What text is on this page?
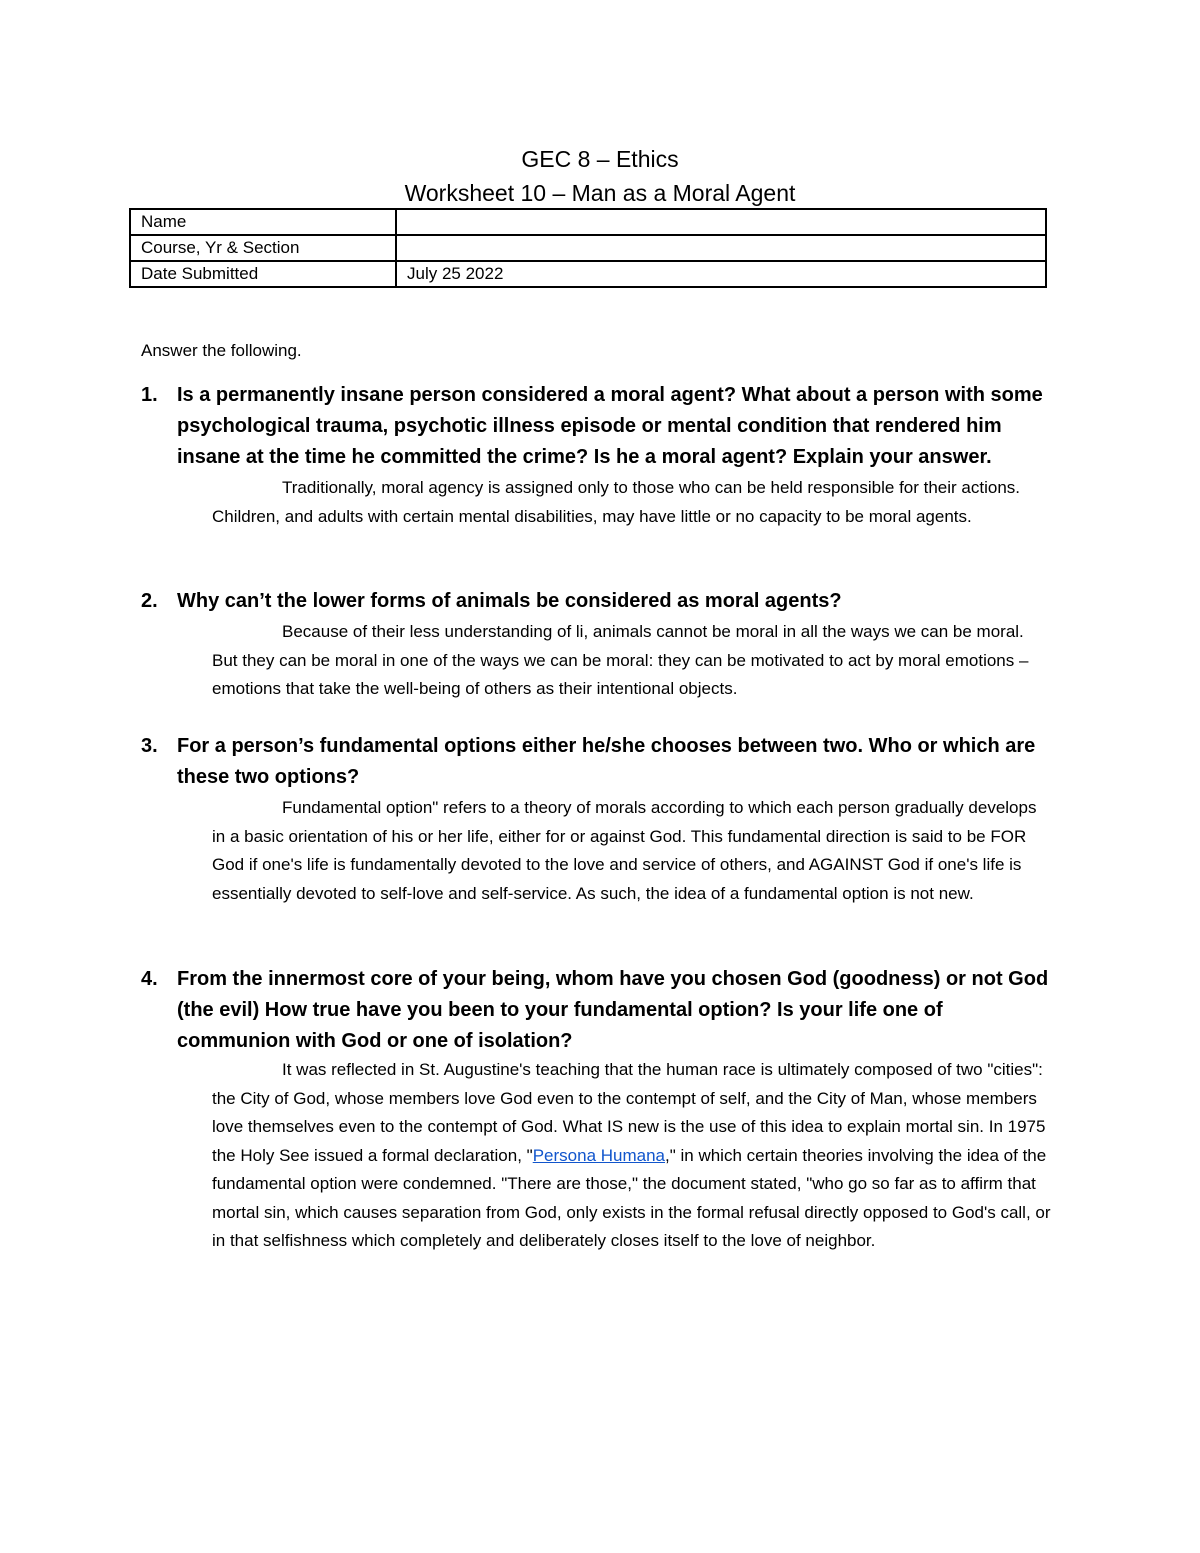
GEC 8 – Ethics
Worksheet 10 – Man as a Moral Agent
Name	
Course, Yr & Section	
Date Submitted	July 25 2022
Answer the following.
1. Is a permanently insane person considered a moral agent? What about a person with some psychological trauma, psychotic illness episode or mental condition that rendered him insane at the time he committed the crime? Is he a moral agent? Explain your answer.
Traditionally, moral agency is assigned only to those who can be held responsible for their actions. Children, and adults with certain mental disabilities, may have little or no capacity to be moral agents.
2. Why can’t the lower forms of animals be considered as moral agents?
Because of their less understanding of li, animals cannot be moral in all the ways we can be moral. But they can be moral in one of the ways we can be moral: they can be motivated to act by moral emotions – emotions that take the well-being of others as their intentional objects.
3. For a person’s fundamental options either he/she chooses between two. Who or which are these two options?
Fundamental option" refers to a theory of morals according to which each person gradually develops in a basic orientation of his or her life, either for or against God. This fundamental direction is said to be FOR God if one's life is fundamentally devoted to the love and service of others, and AGAINST God if one's life is essentially devoted to self-love and self-service. As such, the idea of a fundamental option is not new.
4. From the innermost core of your being, whom have you chosen God (goodness) or not God (the evil) How true have you been to your fundamental option? Is your life one of communion with God or one of isolation?
It was reflected in St. Augustine's teaching that the human race is ultimately composed of two "cities": the City of God, whose members love God even to the contempt of self, and the City of Man, whose members love themselves even to the contempt of God. What IS new is the use of this idea to explain mortal sin. In 1975 the Holy See issued a formal declaration, "Persona Humana," in which certain theories involving the idea of the fundamental option were condemned. "There are those," the document stated, "who go so far as to affirm that mortal sin, which causes separation from God, only exists in the formal refusal directly opposed to God's call, or in that selfishness which completely and deliberately closes itself to the love of neighbor.
